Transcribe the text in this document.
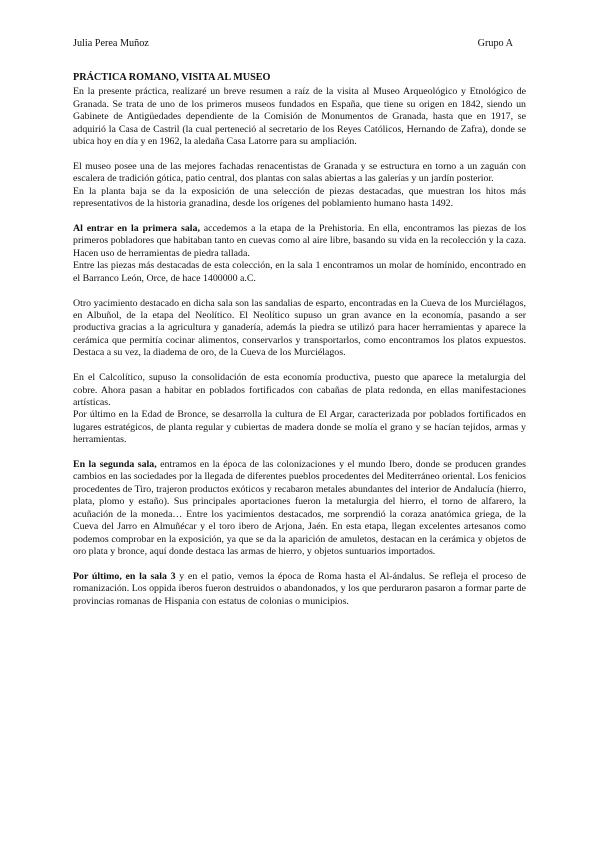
Julia Perea Muñoz	Grupo A
PRÁCTICA ROMANO, VISITA AL MUSEO

En la presente práctica, realizaré un breve resumen a raíz de la visita al Museo Arqueológico y Etnológico de Granada. Se trata de uno de los primeros museos fundados en España, que tiene su origen en 1842, siendo un Gabinete de Antigüedades dependiente de la Comisión de Monumentos de Granada, hasta que en 1917, se adquirió la Casa de Castril (la cual perteneció al secretario de los Reyes Católicos, Hernando de Zafra), donde se ubica hoy en día y en 1962, la aledaña Casa Latorre para su ampliación.

El museo posee una de las mejores fachadas renacentistas de Granada y se estructura en torno a un zaguán con escalera de tradición gótica, patio central, dos plantas con salas abiertas a las galerías y un jardín posterior.

En la planta baja se da la exposición de una selección de piezas destacadas, que muestran los hitos más representativos de la historia granadina, desde los orígenes del poblamiento humano hasta 1492.

Al entrar en la primera sala, accedemos a la etapa de la Prehistoria. En ella, encontramos las piezas de los primeros pobladores que habitaban tanto en cuevas como al aire libre, basando su vida en la recolección y la caza. Hacen uso de herramientas de piedra tallada.

Entre las piezas más destacadas de esta colección, en la sala 1 encontramos un molar de homínido, encontrado en el Barranco León, Orce, de hace 1400000 a.C.

Otro yacimiento destacado en dicha sala son las sandalias de esparto, encontradas en la Cueva de los Murciélagos, en Albuñol, de la etapa del Neolítico. El Neolítico supuso un gran avance en la economía, pasando a ser productiva gracias a la agricultura y ganadería, además la piedra se utilizó para hacer herramientas y aparece la cerámica que permitía cocinar alimentos, conservarlos y transportarlos, como encontramos los platos expuestos. Destaca a su vez, la diadema de oro, de la Cueva de los Murciélagos.

En el Calcolítico, supuso la consolidación de esta economía productiva, puesto que aparece la metalurgia del cobre. Ahora pasan a habitar en poblados fortificados con cabañas de plata redonda, en ellas manifestaciones artísticas.

Por último en la Edad de Bronce, se desarrolla la cultura de El Argar, caracterizada por poblados fortificados en lugares estratégicos, de planta regular y cubiertas de madera donde se molía el grano y se hacían tejidos, armas y herramientas.

En la segunda sala, entramos en la época de las colonizaciones y el mundo Ibero, donde se producen grandes cambios en las sociedades por la llegada de diferentes pueblos procedentes del Mediterráneo oriental. Los fenicios procedentes de Tiro, trajeron productos exóticos y recabaron metales abundantes del interior de Andalucía (hierro, plata, plomo y estaño). Sus principales aportaciones fueron la metalurgia del hierro, el torno de alfarero, la acuñación de la moneda… Entre los yacimientos destacados, me sorprendió la coraza anatómica griega, de la Cueva del Jarro en Almuñécar y el toro ibero de Arjona, Jaén. En esta etapa, llegan excelentes artesanos como podemos comprobar en la exposición, ya que se da la aparición de amuletos, destacan en la cerámica y objetos de oro plata y bronce, aquí donde destaca las armas de hierro, y objetos suntuarios importados.

Por último, en la sala 3 y en el patio, vemos la época de Roma hasta el Al-ándalus. Se refleja el proceso de romanización. Los oppida iberos fueron destruidos o abandonados, y los que perduraron pasaron a formar parte de provincias romanas de Hispania con estatus de colonias o municipios.
